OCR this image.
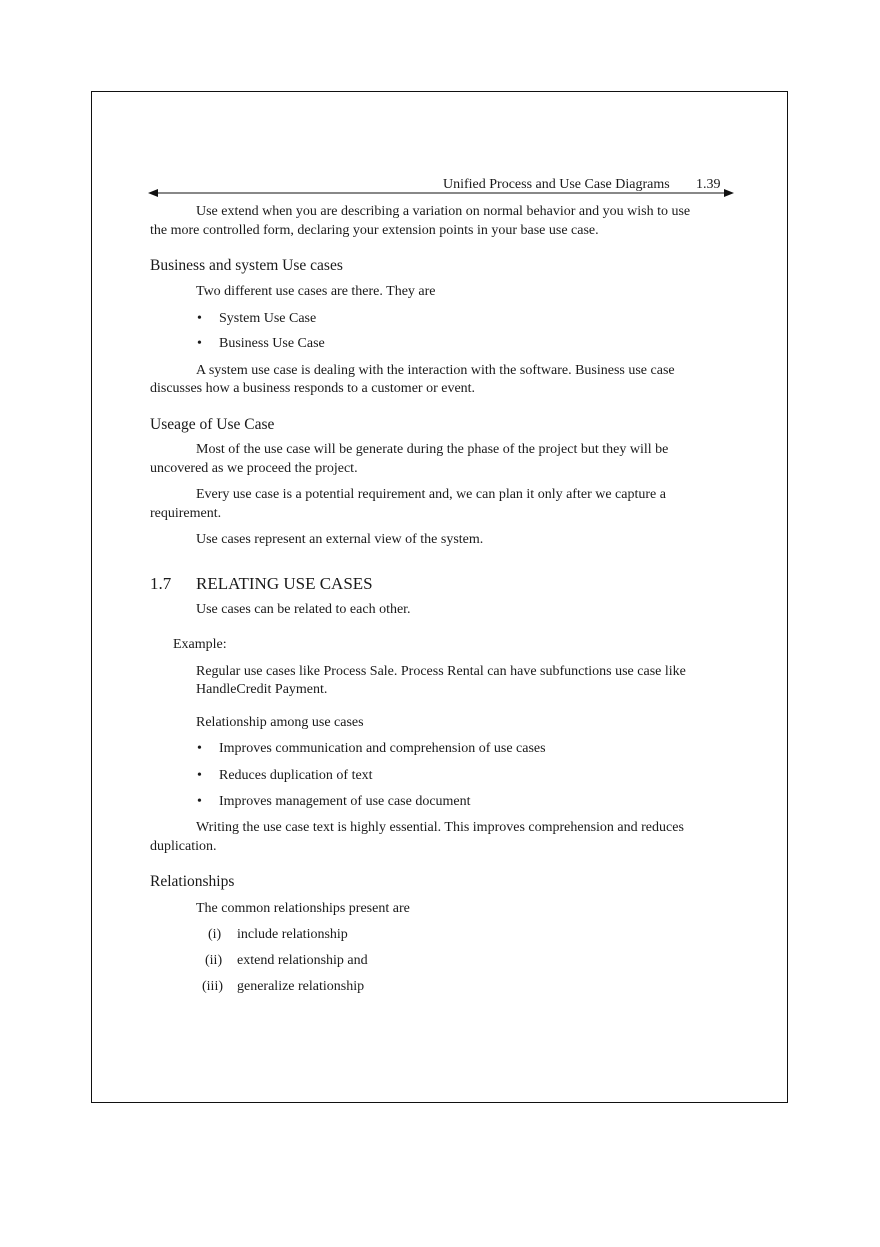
Unified Process and Use Case Diagrams 1.39
Use extend when you are describing a variation on normal behavior and you wish to use
the more controlled form, declaring your extension points in your base use case.
Business and system Use cases
Two different use cases are there. They are
• System Use Case
• Business Use Case
A system use case is dealing with the interaction with the software. Business use case
discusses how a business responds to a customer or event.
Useage of Use Case
Most of the use case will be generate during the phase of the project but they will be
uncovered as we proceed the project.
Every use case is a potential requirement and, we can plan it only after we capture a
requirement.
Use cases represent an external view of the system.
1.7 RELATING USE CASES
Use cases can be related to each other.
Example:
Regular use cases like Process Sale. Process Rental can have subfunctions use case like
HandleCredit Payment.
Relationship among use cases
• Improves communication and comprehension of use cases
• Reduces duplication of text
• Improves management of use case document
Writing the use case text is highly essential. This improves comprehension and reduces
duplication.
Relationships
The common relationships present are
(i) include relationship
(ii) extend relationship and
(iii) generalize relationship
